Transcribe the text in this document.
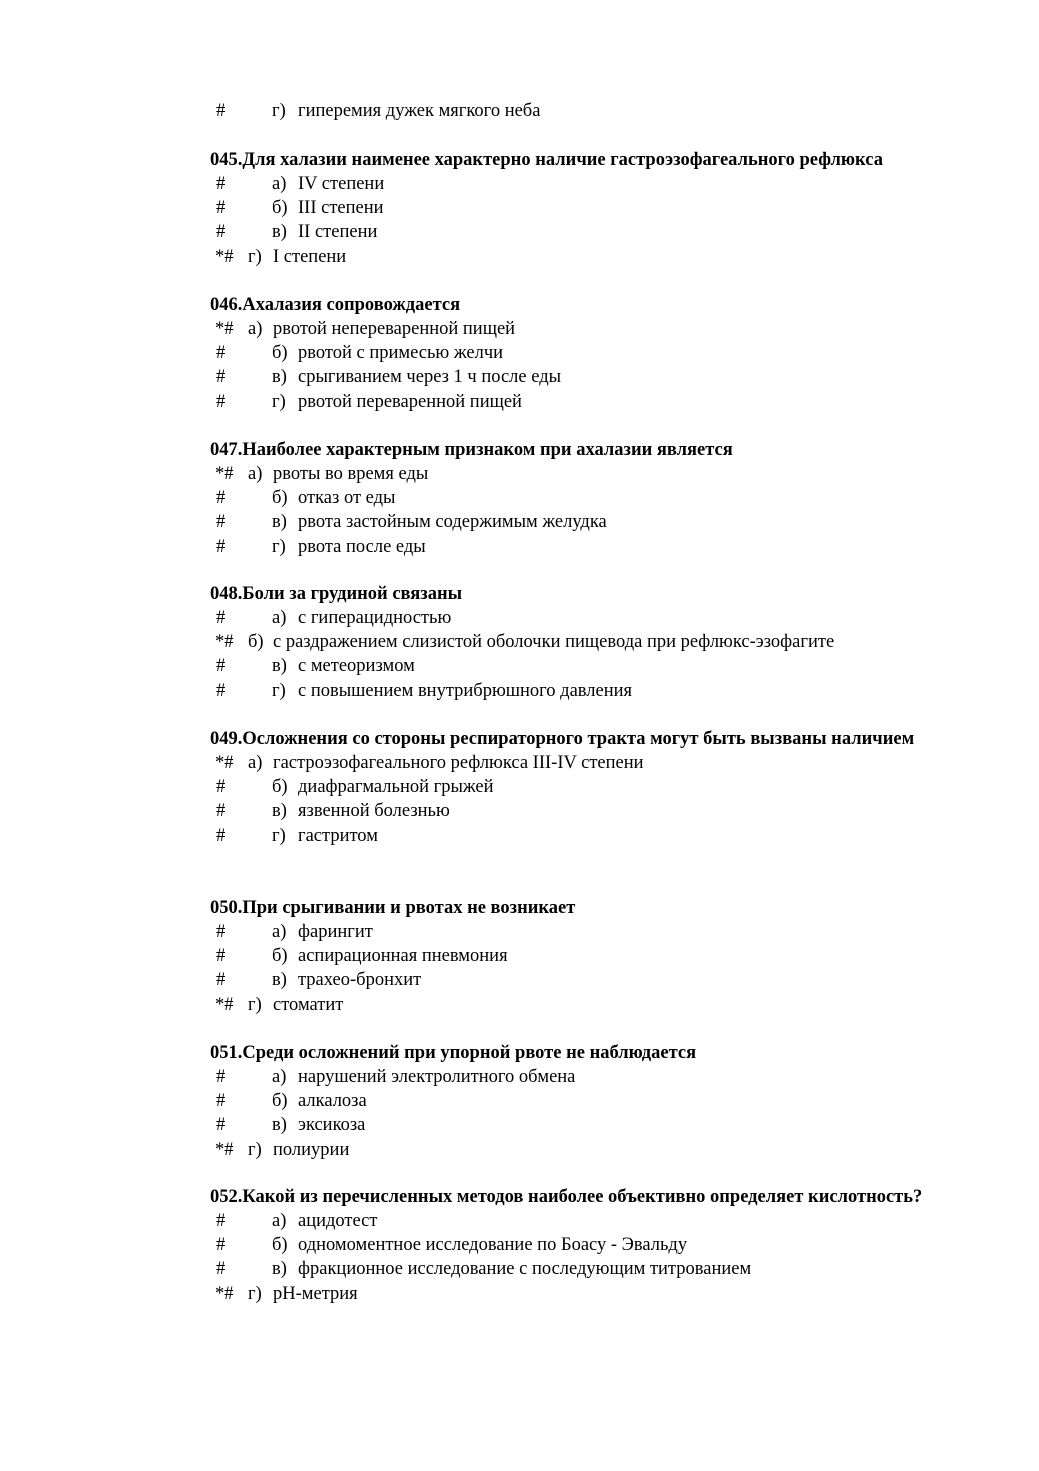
#	г) гиперемия дужек мягкого неба
045.Для халазии наименее характерно наличие гастроэзофагеального рефлюкса
#	а) IV степени
#	б) III степени
#	в) II степени
*# г) I степени
046.Ахалазия сопровождается
*# а) рвотой непереваренной пищей
#	б) рвотой с примесью желчи
#	в) срыгиванием через 1 ч после еды
#	г) рвотой переваренной пищей
047.Наиболее характерным признаком при ахалазии является
*# а) рвоты во время еды
#	б) отказ от еды
#	в) рвота застойным содержимым желудка
#	г) рвота после еды
048.Боли за грудиной связаны
#	а) с гиперацидностью
*# б) с раздражением слизистой оболочки пищевода при рефлюкс-эзофагите
#	в) с метеоризмом
#	г) с повышением внутрибрюшного давления
049.Осложнения со стороны респираторного тракта могут быть вызваны наличием
*# а) гастроэзофагеального рефлюкса III-IV степени
#	б) диафрагмальной грыжей
#	в) язвенной болезнью
#	г) гастритом
050.При срыгивании и рвотах не возникает
#	а) фарингит
#	б) аспирационная пневмония
#	в) трахео-бронхит
*# г) стоматит
051.Среди осложнений при упорной рвоте не наблюдается
#	а) нарушений электролитного обмена
#	б) алкалоза
#	в) эксикоза
*# г) полиурии
052.Какой из перечисленных методов наиболее объективно определяет кислотность?
#	а) ацидотест
#	б) одномоментное исследование по Боасу - Эвальду
#	в) фракционное исследование с последующим титрованием
*# г) pH-метрия
